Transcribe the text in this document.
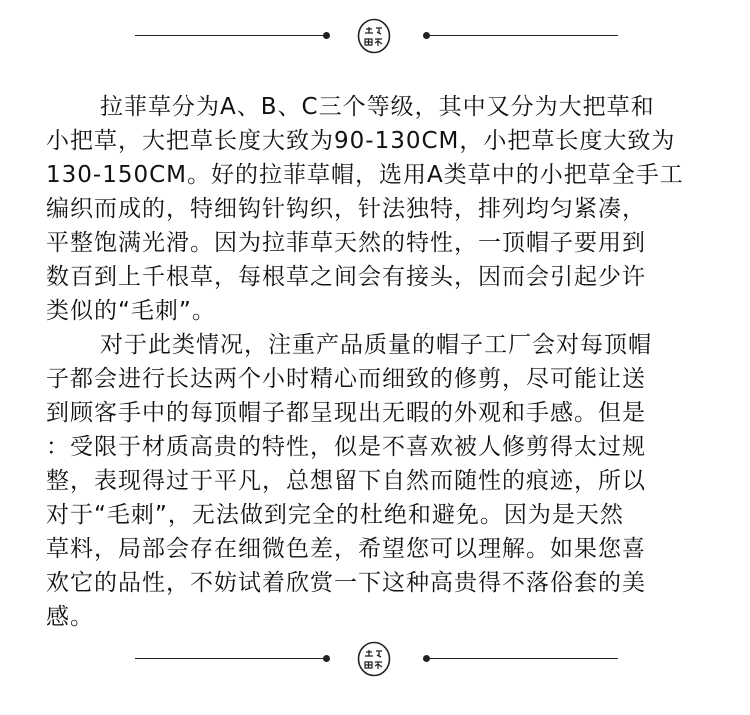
拉菲草分为A、B、C三个等级，其中又分为大把草和
小把草，大把草长度大致为90-130CM，小把草长度大致为
130-150CM。好的拉菲草帽，选用A类草中的小把草全手工
编织而成的，特细钩针钩织，针法独特，排列均匀紧凑，
平整饱满光滑。因为拉菲草天然的特性，一顶帽子要用到
数百到上千根草，每根草之间会有接头，因而会引起少许
类似的“毛刺”。

对于此类情况，注重产品质量的帽子工厂会对每顶帽
子都会进行长达两个小时精心而细致的修剪，尽可能让送
到顾客手中的每顶帽子都呈现出无暇的外观和手感。但是
：受限于材质高贵的特性，似是不喜欢被人修剪得太过规
整，表现得过于平凡，总想留下自然而随性的痕迹，所以
对于“毛刺”，无法做到完全的杜绝和避免。因为是天然
草料，局部会存在细微色差，希望您可以理解。如果您喜
欢它的品性，不妨试着欣赏一下这种高贵得不落俗套的美
感。
